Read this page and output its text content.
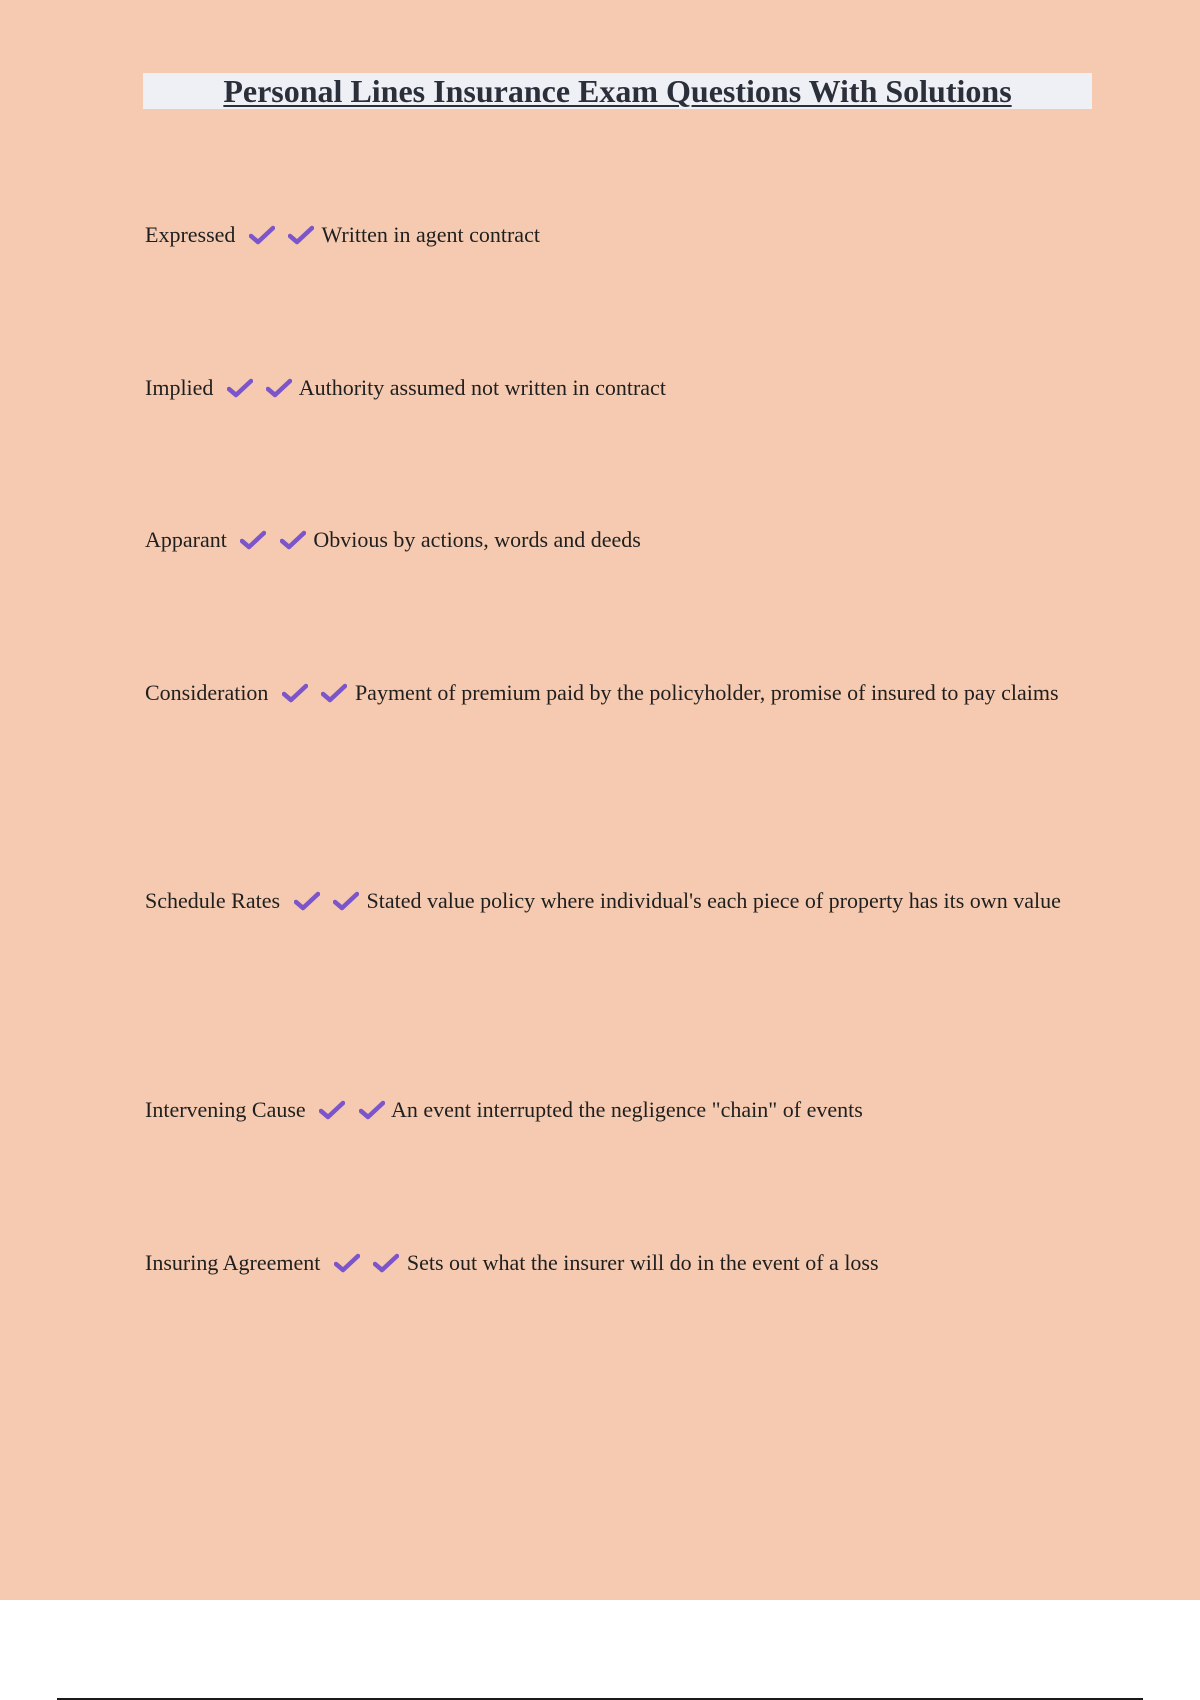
Personal Lines Insurance Exam Questions With Solutions
Expressed
	Written in agent contract
Implied
	Authority assumed not written in contract
Apparant
	Obvious by actions, words and deeds
Consideration
	Payment of premium paid by the policyholder, promise of insured to pay claims
Schedule Rates
	Stated value policy where individual's each piece of property has its own value
Intervening Cause
	An event interrupted the negligence "chain" of events
Insuring Agreement
	Sets out what the insurer will do in the event of a loss
